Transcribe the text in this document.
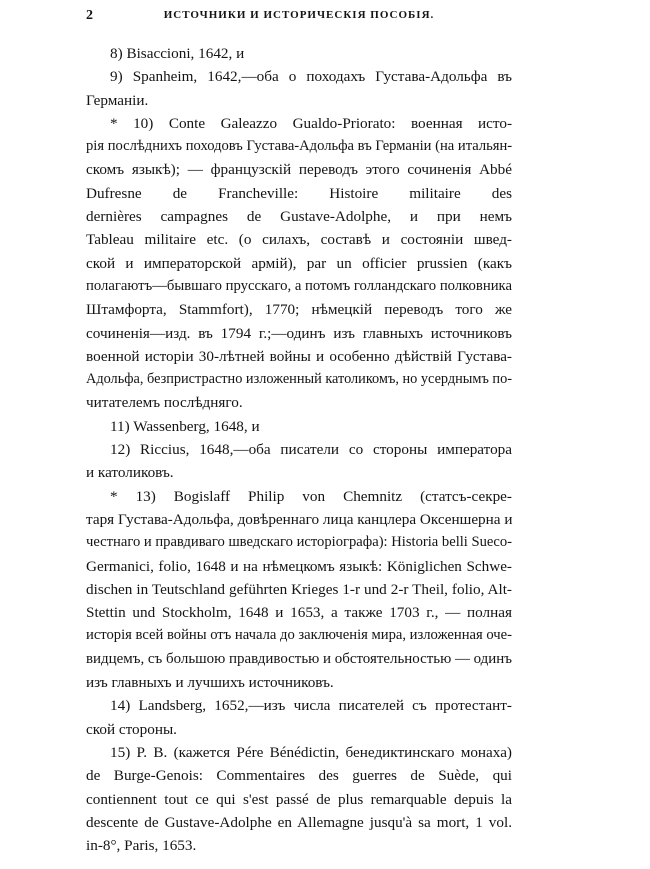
2	ИСТОЧНИКИ И ИСТОРИЧЕСКІЯ ПОСОБІЯ.
8) Bisaccioni, 1642, и
9) Spanheim, 1642,—оба о походахъ Густава-Адольфа въ
Германіи.
* 10) Conte Galeazzo Gualdo-Priorato: военная исто-
рія послѣднихъ походовъ Густава-Адольфа въ Германіи (на итальян-
скомъ языкѣ); — французскій переводъ этого сочиненія Abbé
Dufresne de Francheville: Histoire militaire des
dernières campagnes de Gustave-Adolphe, и при немъ
Tableau militaire etc. (о силахъ, составѣ и состояніи швед-
ской и императорской армій), par un officier prussien (какъ
полагаютъ—бывшаго прусскаго, а потомъ голландскаго полковника
Штамфорта, Stammfort), 1770; нѣмецкій переводъ того же
сочиненія—изд. въ 1794 г.;—одинъ изъ главныхъ источниковъ
военной исторіи 30-лѣтней войны и особенно дѣйствій Густава-
Адольфа, безпристрастно изложенный католикомъ, но усерднымъ по-
читателемъ послѣдняго.
11) Wassenberg, 1648, и
12) Riccius, 1648,—оба писатели со стороны императора
и католиковъ.
* 13) Bogislaff Philip von Chemnitz (статсъ-секре-
таря Густава-Адольфа, довѣреннаго лица канцлера Оксеншерна и
честнаго и правдиваго шведскаго исторіографа): Historia belli Sueco-
Germanici, folio, 1648 и на нѣмецкомъ языкѣ: Königlichen Schwe-
dischen in Teutschland geführten Krieges 1-r und 2-r Theil, folio, Alt-
Stettin und Stockholm, 1648 и 1653, а также 1703 г., — полная
исторія всей войны отъ начала до заключенія мира, изложенная оче-
видцемъ, съ большою правдивостью и обстоятельностью — одинъ
изъ главныхъ и лучшихъ источниковъ.
14) Landsberg, 1652,—изъ числа писателей съ протестант-
ской стороны.
15) P. B. (кажется Pére Bénédictin, бенедиктинскаго монаха)
de Burge-Genois: Commentaires des guerres de Suède, qui
contiennent tout ce qui s'est passé de plus remarquable depuis la
descente de Gustave-Adolphe en Allemagne jusqu'à sa mort, 1 vol.
in-8°, Paris, 1653.
